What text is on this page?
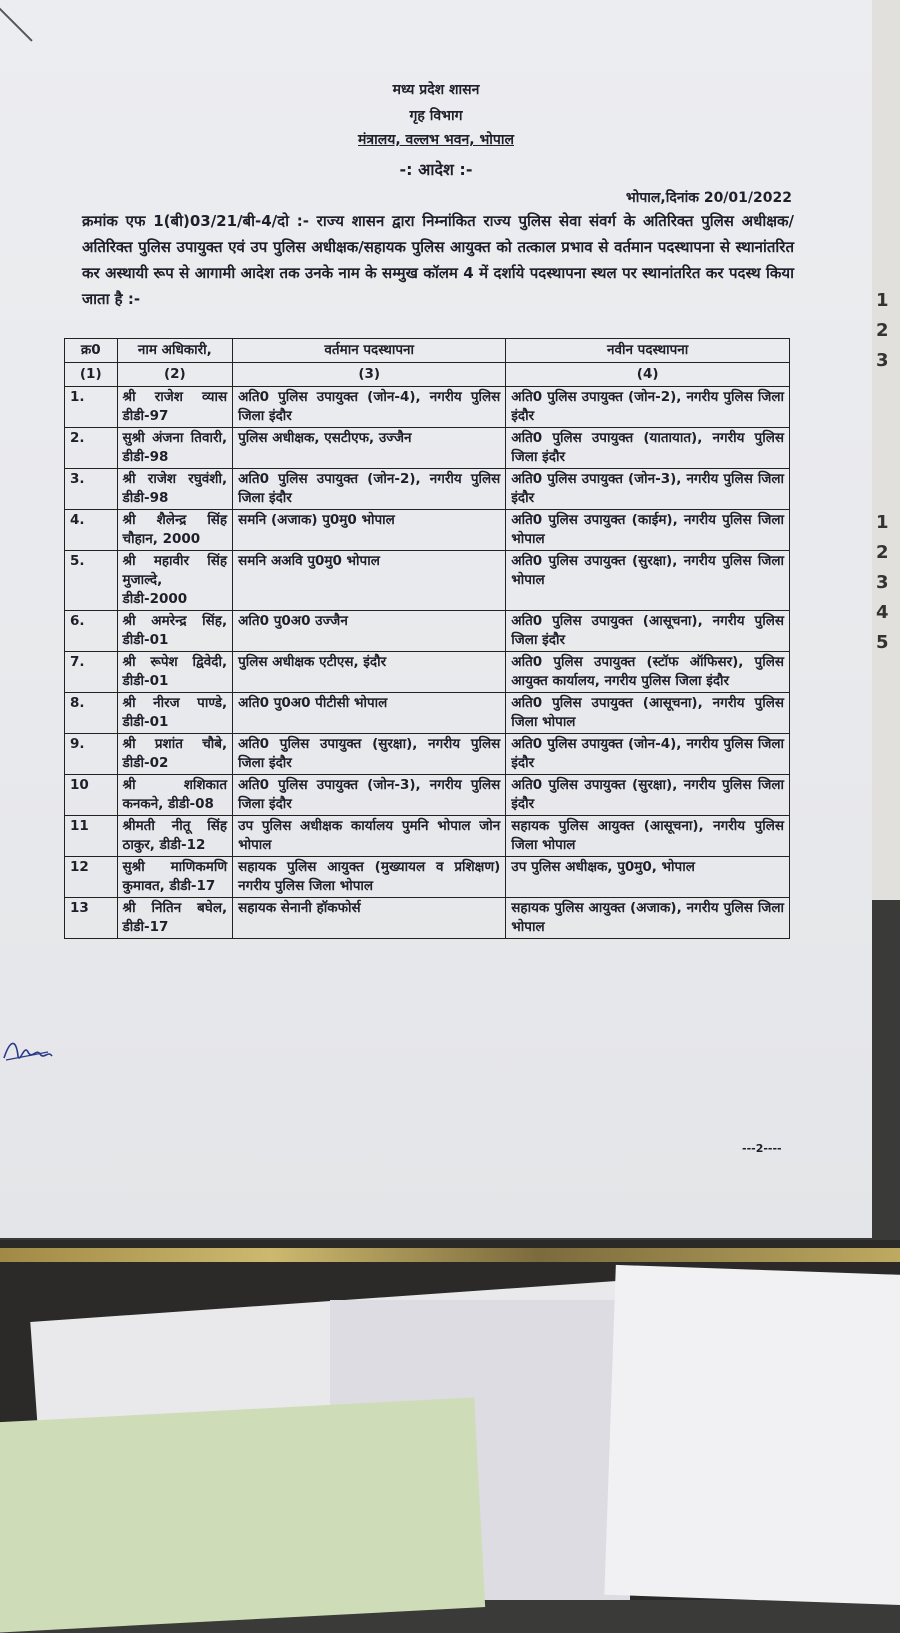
1
2
3
1
2
3
4
5
मध्य प्रदेश शासन
गृह विभाग
मंत्रालय, वल्लभ भवन, भोपाल
-: आदेश :-
भोपाल,दिनांक 20/01/2022
क्रमांक एफ 1(बी)03/21/बी-4/दो :- राज्य शासन द्वारा निम्नांकित राज्य पुलिस सेवा संवर्ग के अतिरिक्त पुलिस अधीक्षक/अतिरिक्त पुलिस उपायुक्त एवं उप पुलिस अधीक्षक/सहायक पुलिस आयुक्त को तत्काल प्रभाव से वर्तमान पदस्थापना से स्थानांतरित कर अस्थायी रूप से आगामी आदेश तक उनके नाम के सम्मुख कॉलम 4 में दर्शाये पदस्थापना स्थल पर स्थानांतरित कर पदस्थ किया जाता है :-
क्र0	नाम अधिकारी,	वर्तमान पदस्थापना	नवीन पदस्थापना
(1)	(2)	(3)	(4)
1.	श्री राजेश व्यास डीडी-97	अति0 पुलिस उपायुक्त (जोन-4), नगरीय पुलिस जिला इंदौर	अति0 पुलिस उपायुक्त (जोन-2), नगरीय पुलिस जिला इंदौर
2.	सुश्री अंजना तिवारी, डीडी-98	पुलिस अधीक्षक, एसटीएफ, उज्जैन	अति0 पुलिस उपायुक्त (यातायात), नगरीय पुलिस जिला इंदौर
3.	श्री राजेश रघुवंशी, डीडी-98	अति0 पुलिस उपायुक्त (जोन-2), नगरीय पुलिस जिला इंदौर	अति0 पुलिस उपायुक्त (जोन-3), नगरीय पुलिस जिला इंदौर
4.	श्री शैलेन्द्र सिंह चौहान, 2000	समनि (अजाक) पु0मु0 भोपाल	अति0 पुलिस उपायुक्त (काईम), नगरीय पुलिस जिला भोपाल
5.	श्री महावीर सिंह मुजाल्दे, डीडी-2000	समनि अअवि पु0मु0 भोपाल	अति0 पुलिस उपायुक्त (सुरक्षा), नगरीय पुलिस जिला भोपाल
6.	श्री अमरेन्द्र सिंह, डीडी-01	अति0 पु0अ0 उज्जैन	अति0 पुलिस उपायुक्त (आसूचना), नगरीय पुलिस जिला इंदौर
7.	श्री रूपेश द्विवेदी, डीडी-01	पुलिस अधीक्षक एटीएस, इंदौर	अति0 पुलिस उपायुक्त (स्टॉफ ऑफिसर), पुलिस आयुक्त कार्यालय, नगरीय पुलिस जिला इंदौर
8.	श्री नीरज पाण्डे, डीडी-01	अति0 पु0अ0 पीटीसी भोपाल	अति0 पुलिस उपायुक्त (आसूचना), नगरीय पुलिस जिला भोपाल
9.	श्री प्रशांत चौबे, डीडी-02	अति0 पुलिस उपायुक्त (सुरक्षा), नगरीय पुलिस जिला इंदौर	अति0 पुलिस उपायुक्त (जोन-4), नगरीय पुलिस जिला इंदौर
10	श्री शशिकात कनकने, डीडी-08	अति0 पुलिस उपायुक्त (जोन-3), नगरीय पुलिस जिला इंदौर	अति0 पुलिस उपायुक्त (सुरक्षा), नगरीय पुलिस जिला इंदौर
11	श्रीमती नीतू सिंह ठाकुर, डीडी-12	उप पुलिस अधीक्षक कार्यालय पुमनि भोपाल जोन भोपाल	सहायक पुलिस आयुक्त (आसूचना), नगरीय पुलिस जिला भोपाल
12	सुश्री माणिकमणि कुमावत, डीडी-17	सहायक पुलिस आयुक्त (मुख्यायल व प्रशिक्षण) नगरीय पुलिस जिला भोपाल	उप पुलिस अधीक्षक, पु0मु0, भोपाल
13	श्री नितिन बघेल, डीडी-17	सहायक सेनानी हॉकफोर्स	सहायक पुलिस आयुक्त (अजाक), नगरीय पुलिस जिला भोपाल
---2----
